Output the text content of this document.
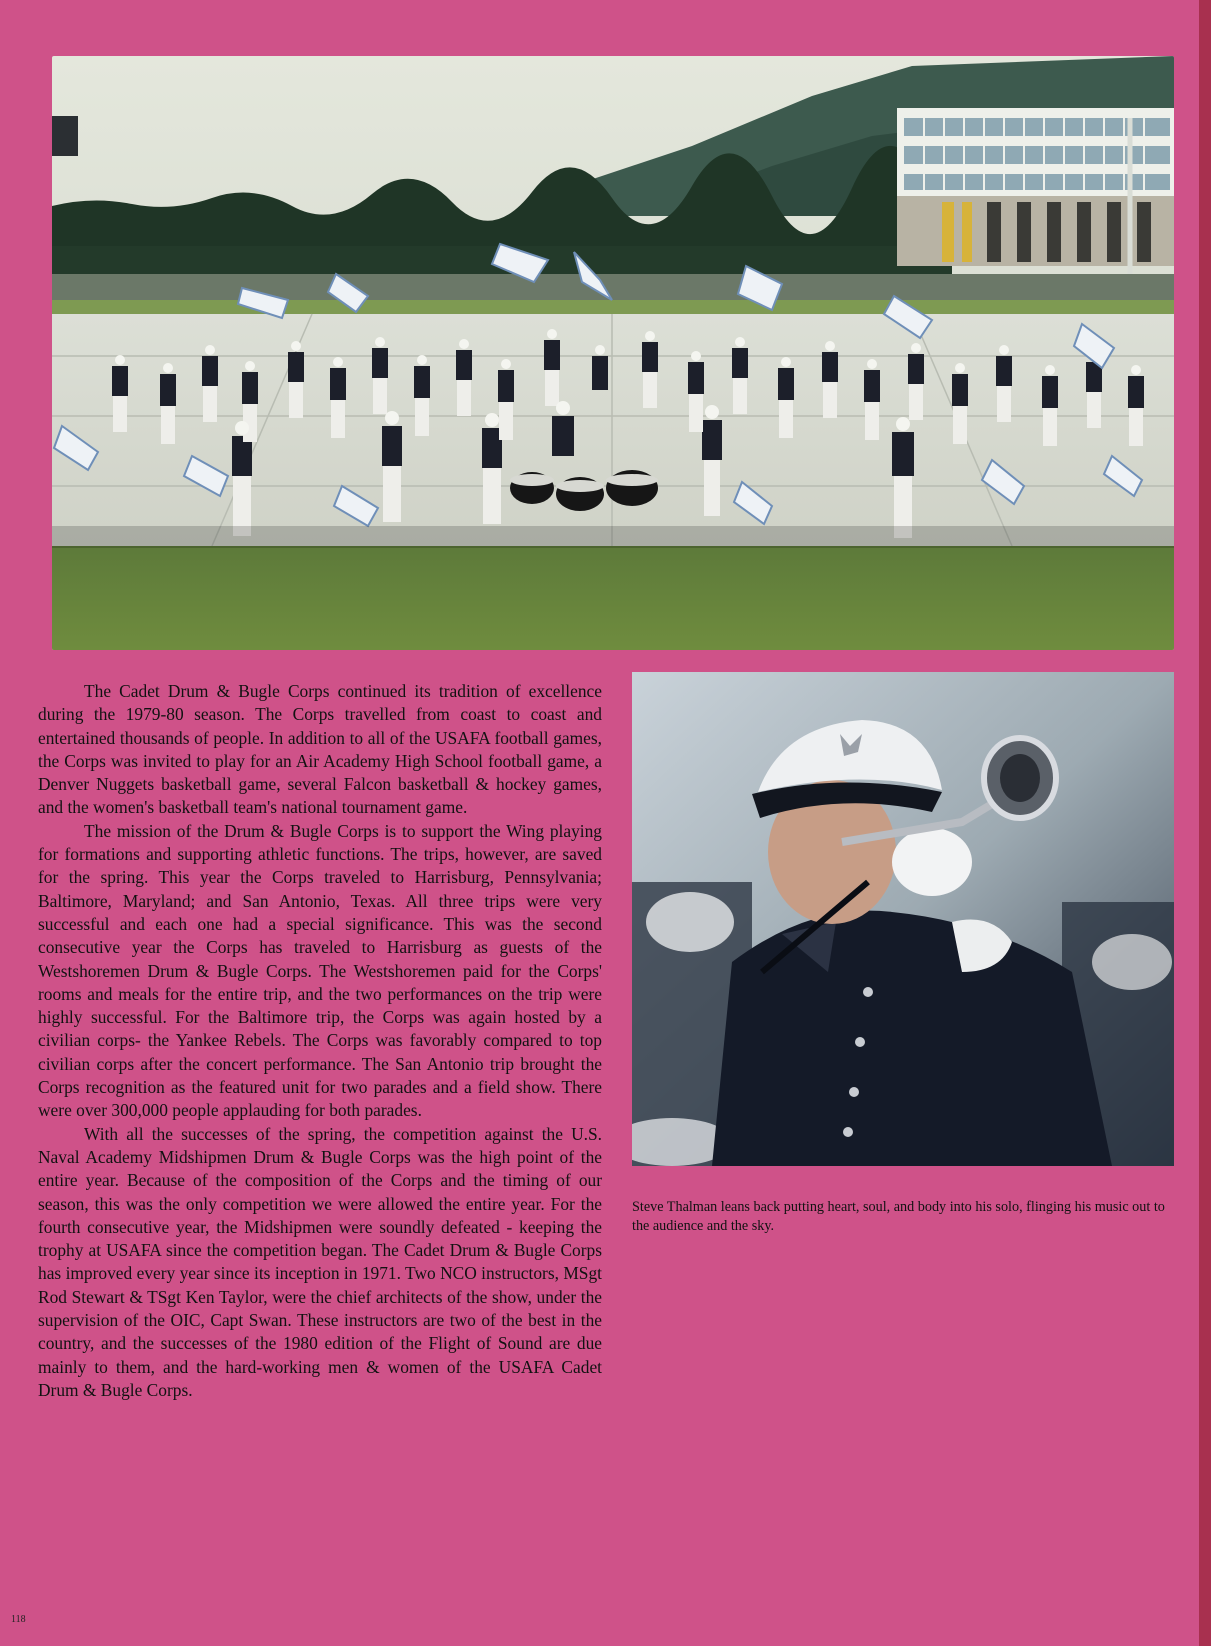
The Cadet Drum & Bugle Corps continued its tradition of excellence during the 1979-80 season. The Corps travelled from coast to coast and entertained thousands of people. In addition to all of the USAFA football games, the Corps was invited to play for an Air Academy High School football game, a Denver Nuggets basketball game, several Falcon basketball & hockey games, and the women's basketball team's national tournament game.

The mission of the Drum & Bugle Corps is to support the Wing playing for formations and supporting athletic functions. The trips, however, are saved for the spring. This year the Corps traveled to Harrisburg, Pennsylvania; Baltimore, Maryland; and San Antonio, Texas. All three trips were very successful and each one had a special significance. This was the second consecutive year the Corps has traveled to Harrisburg as guests of the Westshoremen Drum & Bugle Corps. The Westshoremen paid for the Corps' rooms and meals for the entire trip, and the two performances on the trip were highly successful. For the Baltimore trip, the Corps was again hosted by a civilian corps- the Yankee Rebels. The Corps was favorably compared to top civilian corps after the concert performance. The San Antonio trip brought the Corps recognition as the featured unit for two parades and a field show. There were over 300,000 people applauding for both parades.

With all the successes of the spring, the competition against the U.S. Naval Academy Midshipmen Drum & Bugle Corps was the high point of the entire year. Because of the composition of the Corps and the timing of our season, this was the only competition we were allowed the entire year. For the fourth consecutive year, the Midshipmen were soundly defeated - keeping the trophy at USAFA since the competition began. The Cadet Drum & Bugle Corps has improved every year since its inception in 1971. Two NCO instructors, MSgt Rod Stewart & TSgt Ken Taylor, were the chief architects of the show, under the supervision of the OIC, Capt Swan. These instructors are two of the best in the country, and the successes of the 1980 edition of the Flight of Sound are due mainly to them, and the hard-working men & women of the USAFA Cadet Drum & Bugle Corps.

Steve Thalman leans back putting heart, soul, and body into his solo, flinging his music out to the audience and the sky.
118
